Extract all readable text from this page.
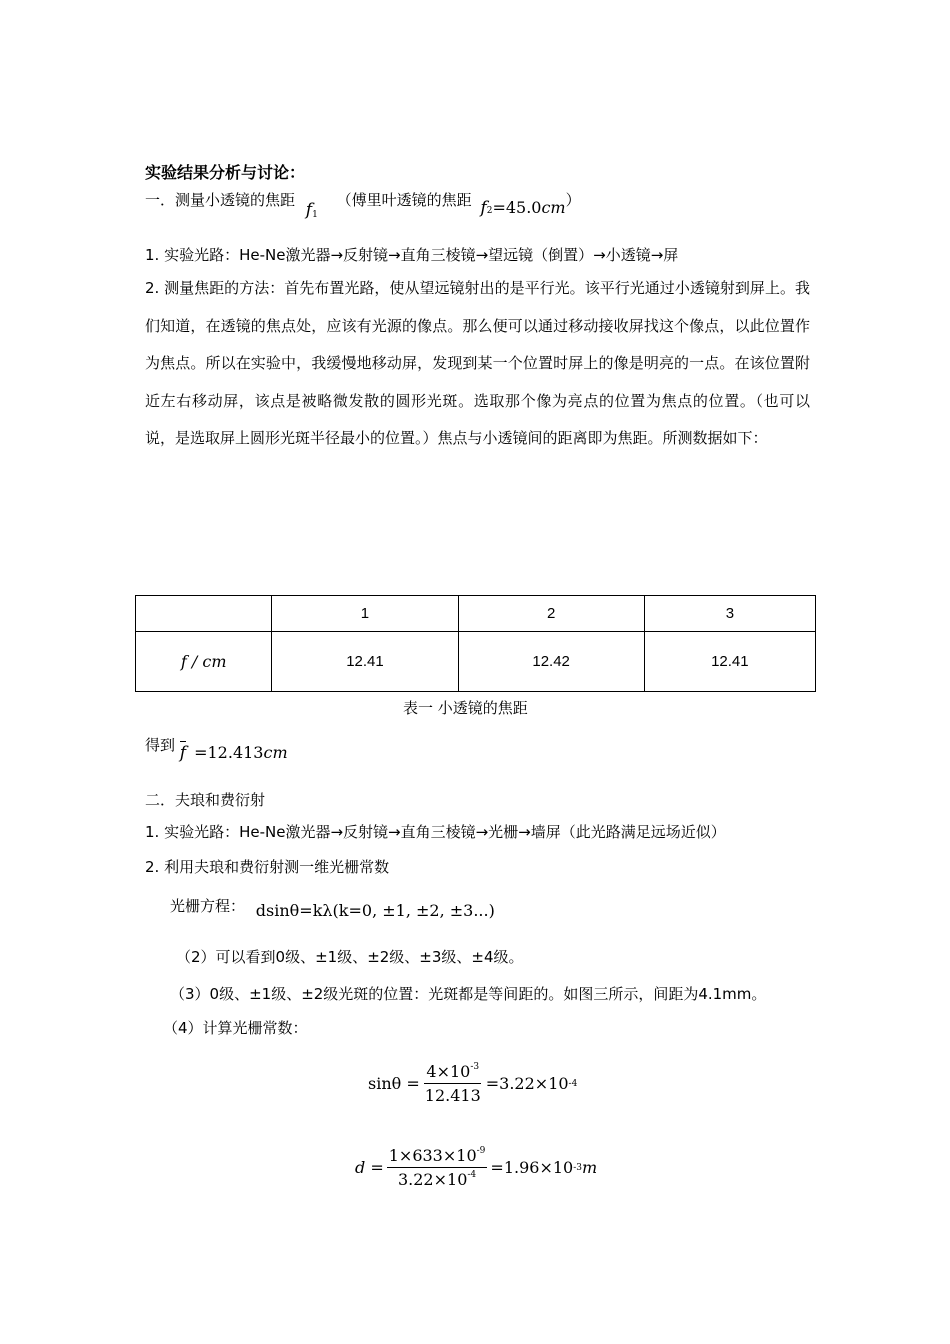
实验结果分析与讨论：
一．测量小透镜的焦距 $f_1$ （傅里叶透镜的焦距 $f_2=45.0cm$）
1. 实验光路：He-Ne激光器→反射镜→直角三棱镜→望远镜（倒置）→小透镜→屏
2. 测量焦距的方法：首先布置光路，使从望远镜射出的是平行光。该平行光通过小透镜射到屏上。我们知道，在透镜的焦点处，应该有光源的像点。那么便可以通过移动接收屏找这个像点，以此位置作为焦点。所以在实验中，我缓慢地移动屏，发现到某一个位置时屏上的像是明亮的一点。在该位置附近左右移动屏，该点是被略微发散的圆形光斑。选取那个像为亮点的位置为焦点的位置。（也可以说，是选取屏上圆形光斑半径最小的位置。）焦点与小透镜间的距离即为焦距。所测数据如下：
	1	2	3
f / cm	12.41	12.42	12.41
表一 小透镜的焦距
得到 f =12.413cm
二．夫琅和费衍射
1. 实验光路：He-Ne激光器→反射镜→直角三棱镜→光栅→墙屏（此光路满足远场近似）
2. 利用夫琅和费衍射测一维光栅常数
光栅方程： dsinθ=kλ(k=0, ±1, ±2, ±3...)
（2）可以看到0级、±1级、±2级、±3级、±4级。
（3）0级、±1级、±2级光斑的位置：光斑都是等间距的。如图三所示，间距为4.1mm。
（4）计算光栅常数：
$\sin\theta = \frac{4\times 10^{-3}}{12.413} =3.22\times 10$ -4
$d = \frac{1\times 633\times 10^{-9}}{3.22\times 10^{-4}} =1.96\times 10$ -3 m
